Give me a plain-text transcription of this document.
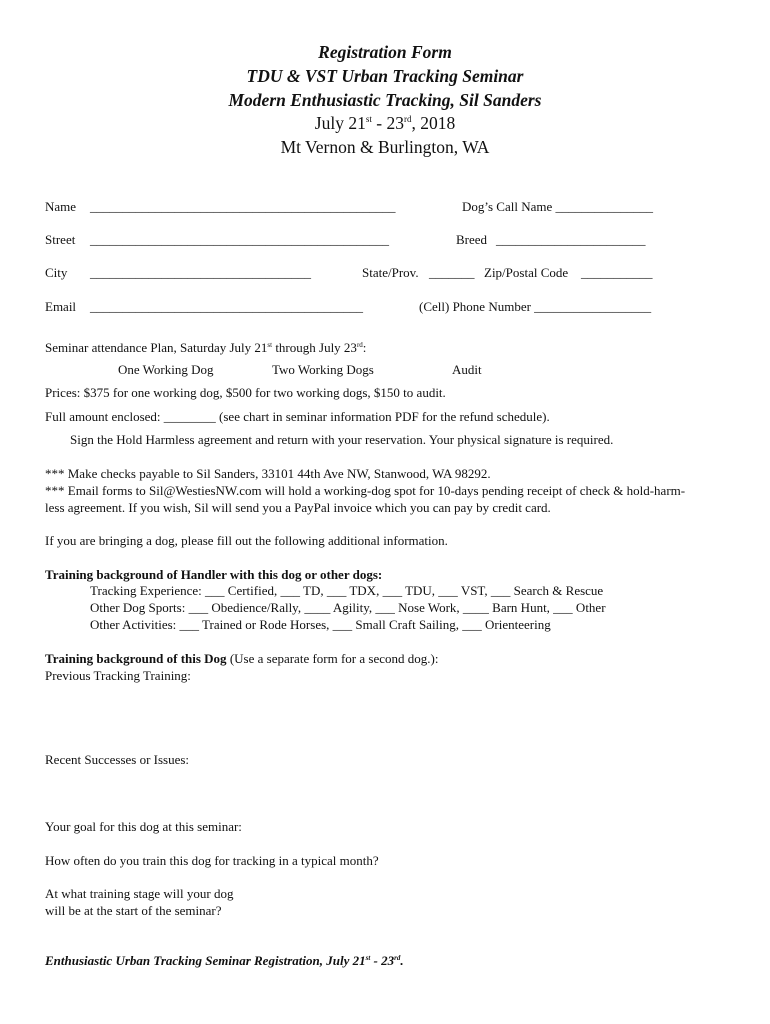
Registration Form
TDU & VST Urban Tracking Seminar
Modern Enthusiastic Tracking, Sil Sanders
July 21st - 23rd, 2018
Mt Vernon & Burlington, WA
Name _______________________________________________	Dog’s Call Name _______________
Street ______________________________________________	Breed _______________________
City __________________________________	State/Prov. _______ Zip/Postal Code ___________
Email __________________________________________	(Cell) Phone Number __________________
Seminar attendance Plan, Saturday July 21st through July 23rd:
One Working Dog	Two Working Dogs	Audit
Prices: $375 for one working dog, $500 for two working dogs, $150 to audit.
Full amount enclosed: ________ (see chart in seminar information PDF for the refund schedule).
Sign the Hold Harmless agreement and return with your reservation. Your physical signature is required.
*** Make checks payable to Sil Sanders, 33101 44th Ave NW, Stanwood, WA 98292.
*** Email forms to Sil@WestiesNW.com will hold a working-dog spot for 10-days pending receipt of check & hold-harm-
less agreement. If you wish, Sil will send you a PayPal invoice which you can pay by credit card.
If you are bringing a dog, please fill out the following additional information.
Training background of Handler with this dog or other dogs:
Tracking Experience: ___ Certified, ___ TD, ___ TDX, ___ TDU, ___ VST, ___ Search & Rescue
Other Dog Sports: ___ Obedience/Rally, ____ Agility, ___ Nose Work, ____ Barn Hunt, ___ Other
Other Activities: ___ Trained or Rode Horses, ___ Small Craft Sailing, ___ Orienteering
Training background of this Dog (Use a separate form for a second dog.):
Previous Tracking Training:
Recent Successes or Issues:
Your goal for this dog at this seminar:
How often do you train this dog for tracking in a typical month?
At what training stage will your dog
will be at the start of the seminar?
Enthusiastic Urban Tracking Seminar Registration, July 21st - 23rd.
